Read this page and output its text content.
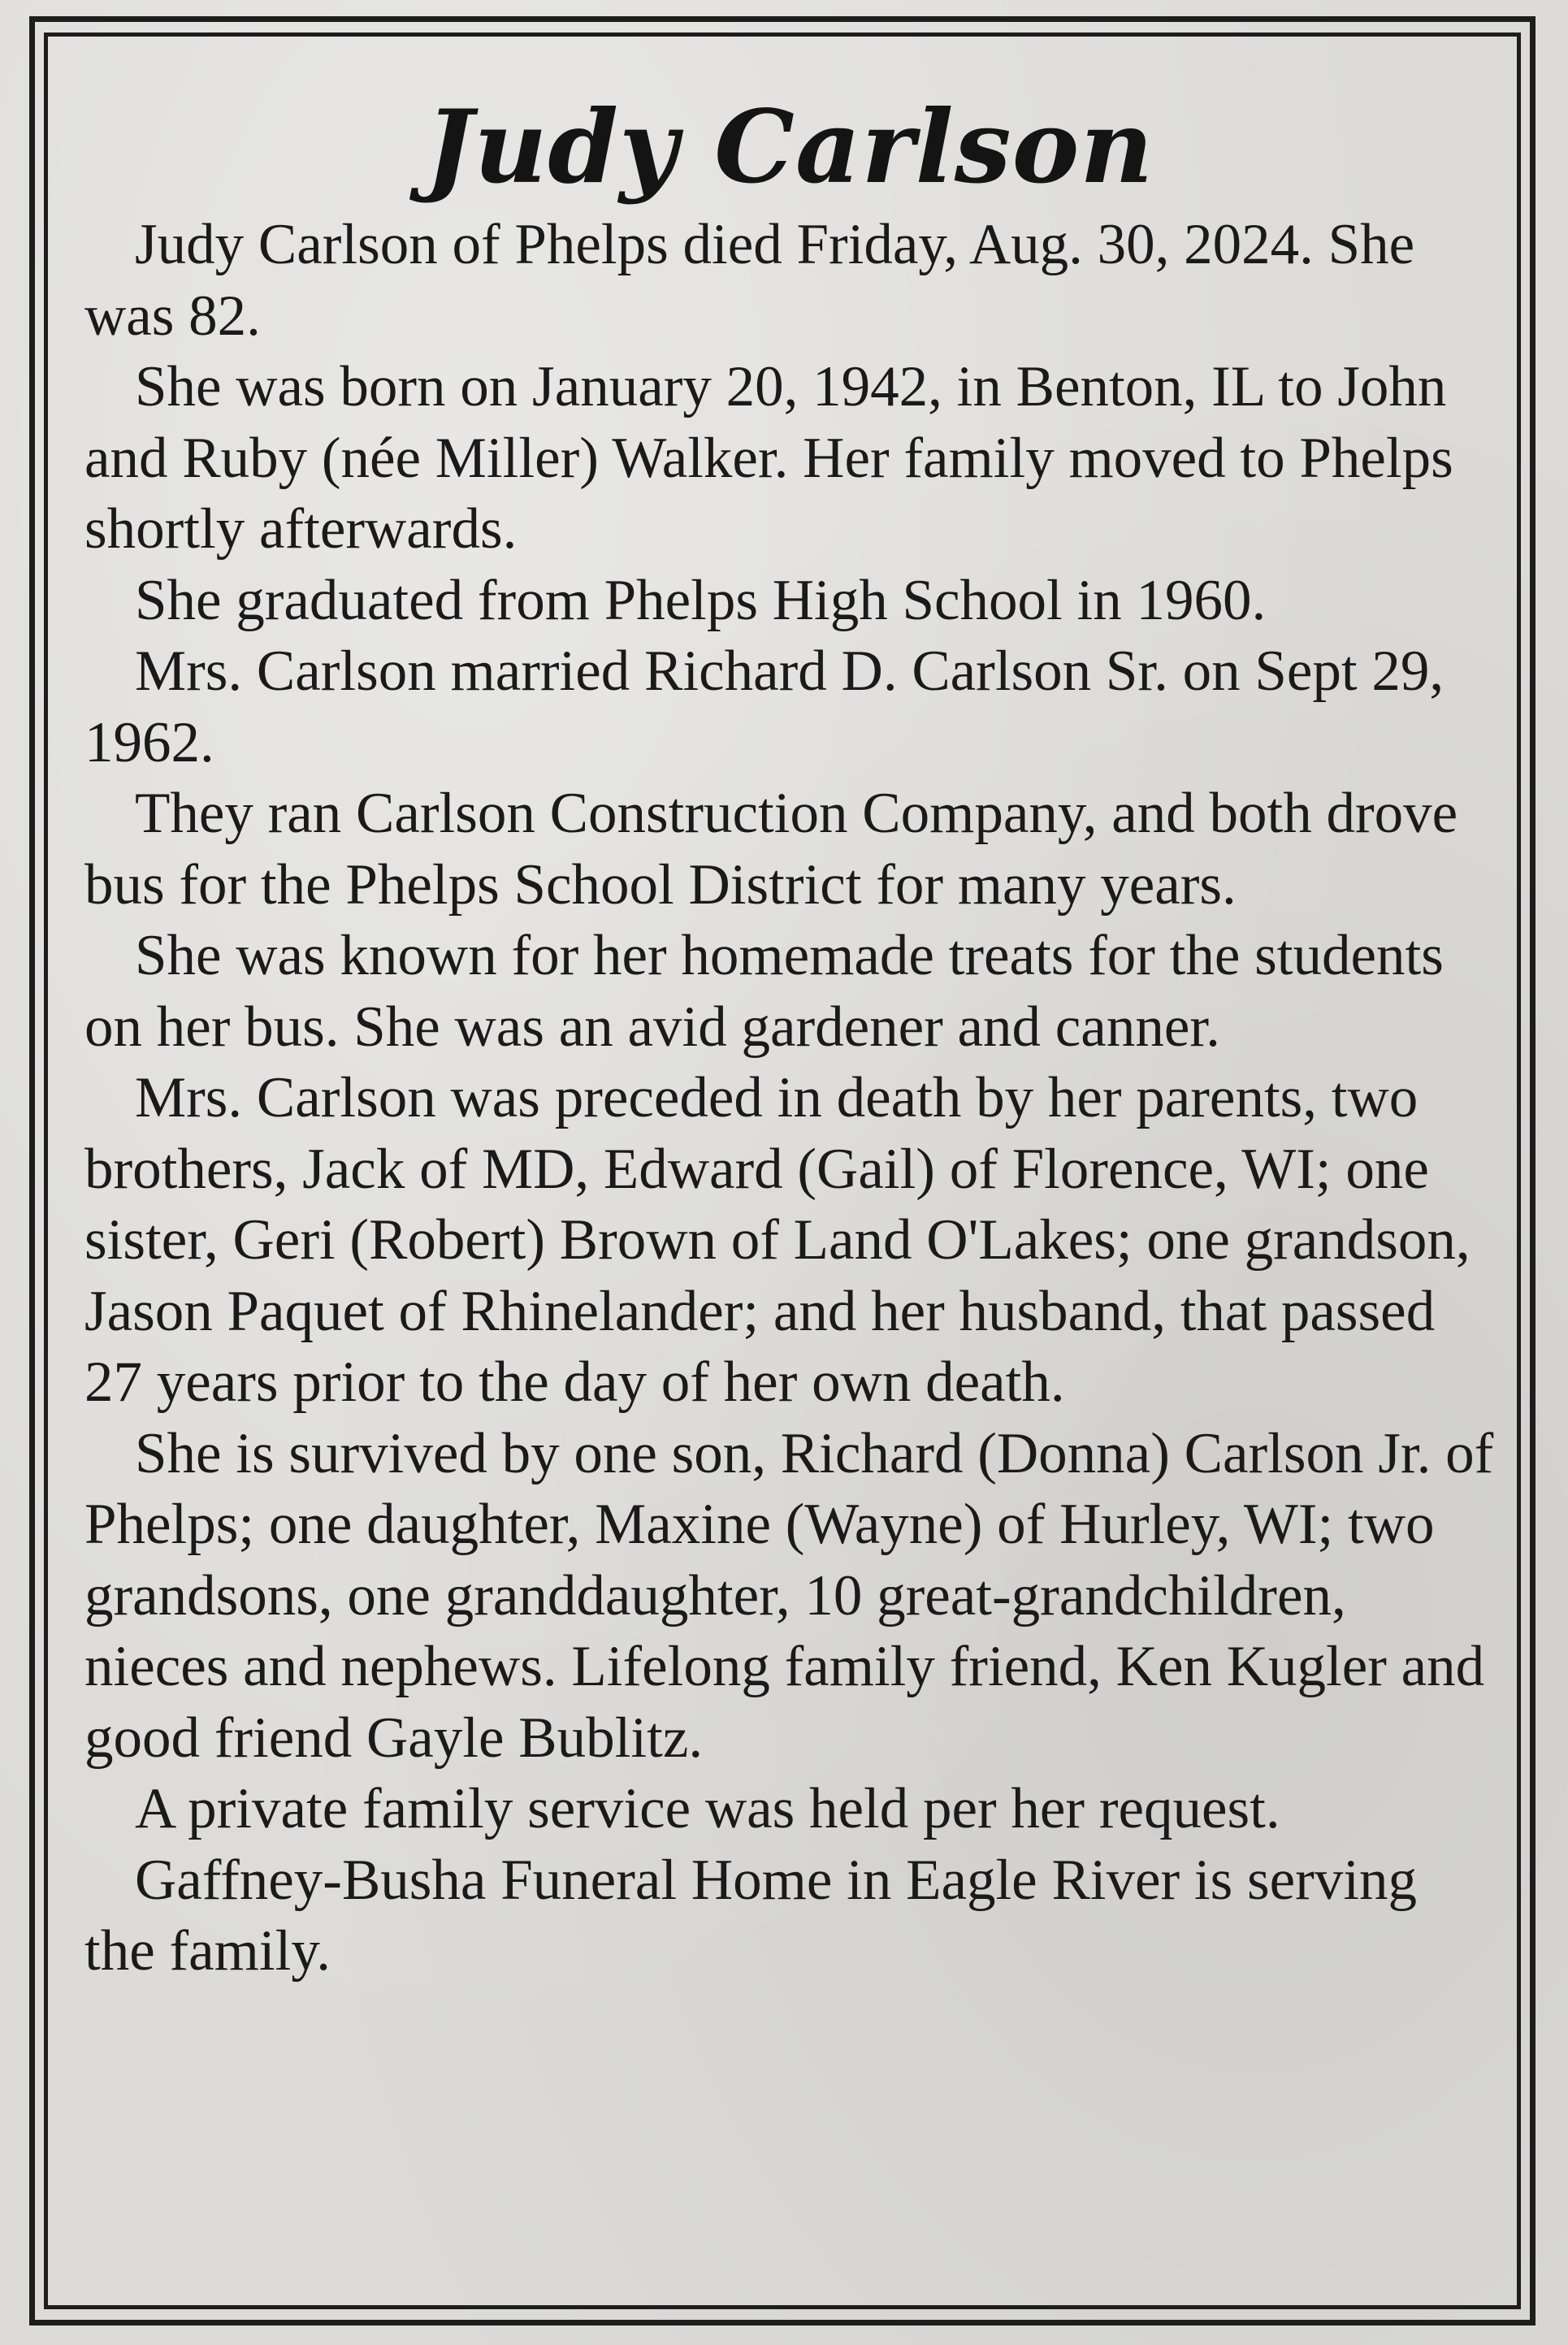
Judy Carlson

Judy Carlson of Phelps died Friday, Aug. 30, 2024. She was 82.

She was born on January 20, 1942, in Benton, IL to John and Ruby (née Miller) Walker. Her family moved to Phelps shortly afterwards.

She graduated from Phelps High School in 1960.

Mrs. Carlson married Richard D. Carlson Sr. on Sept 29, 1962.

They ran Carlson Construction Company, and both drove bus for the Phelps School District for many years.

She was known for her homemade treats for the students on her bus. She was an avid gardener and canner.

Mrs. Carlson was preceded in death by her parents, two brothers, Jack of MD, Edward (Gail) of Florence, WI; one sister, Geri (Robert) Brown of Land O'Lakes; one grandson, Jason Paquet of Rhinelander; and her husband, that passed 27 years prior to the day of her own death.

She is survived by one son, Richard (Donna) Carlson Jr. of Phelps; one daughter, Maxine (Wayne) of Hurley, WI; two grandsons, one granddaughter, 10 great-grandchildren, nieces and nephews. Lifelong family friend, Ken Kugler and good friend Gayle Bublitz.

A private family service was held per her request.

Gaffney-Busha Funeral Home in Eagle River is serving the family.
